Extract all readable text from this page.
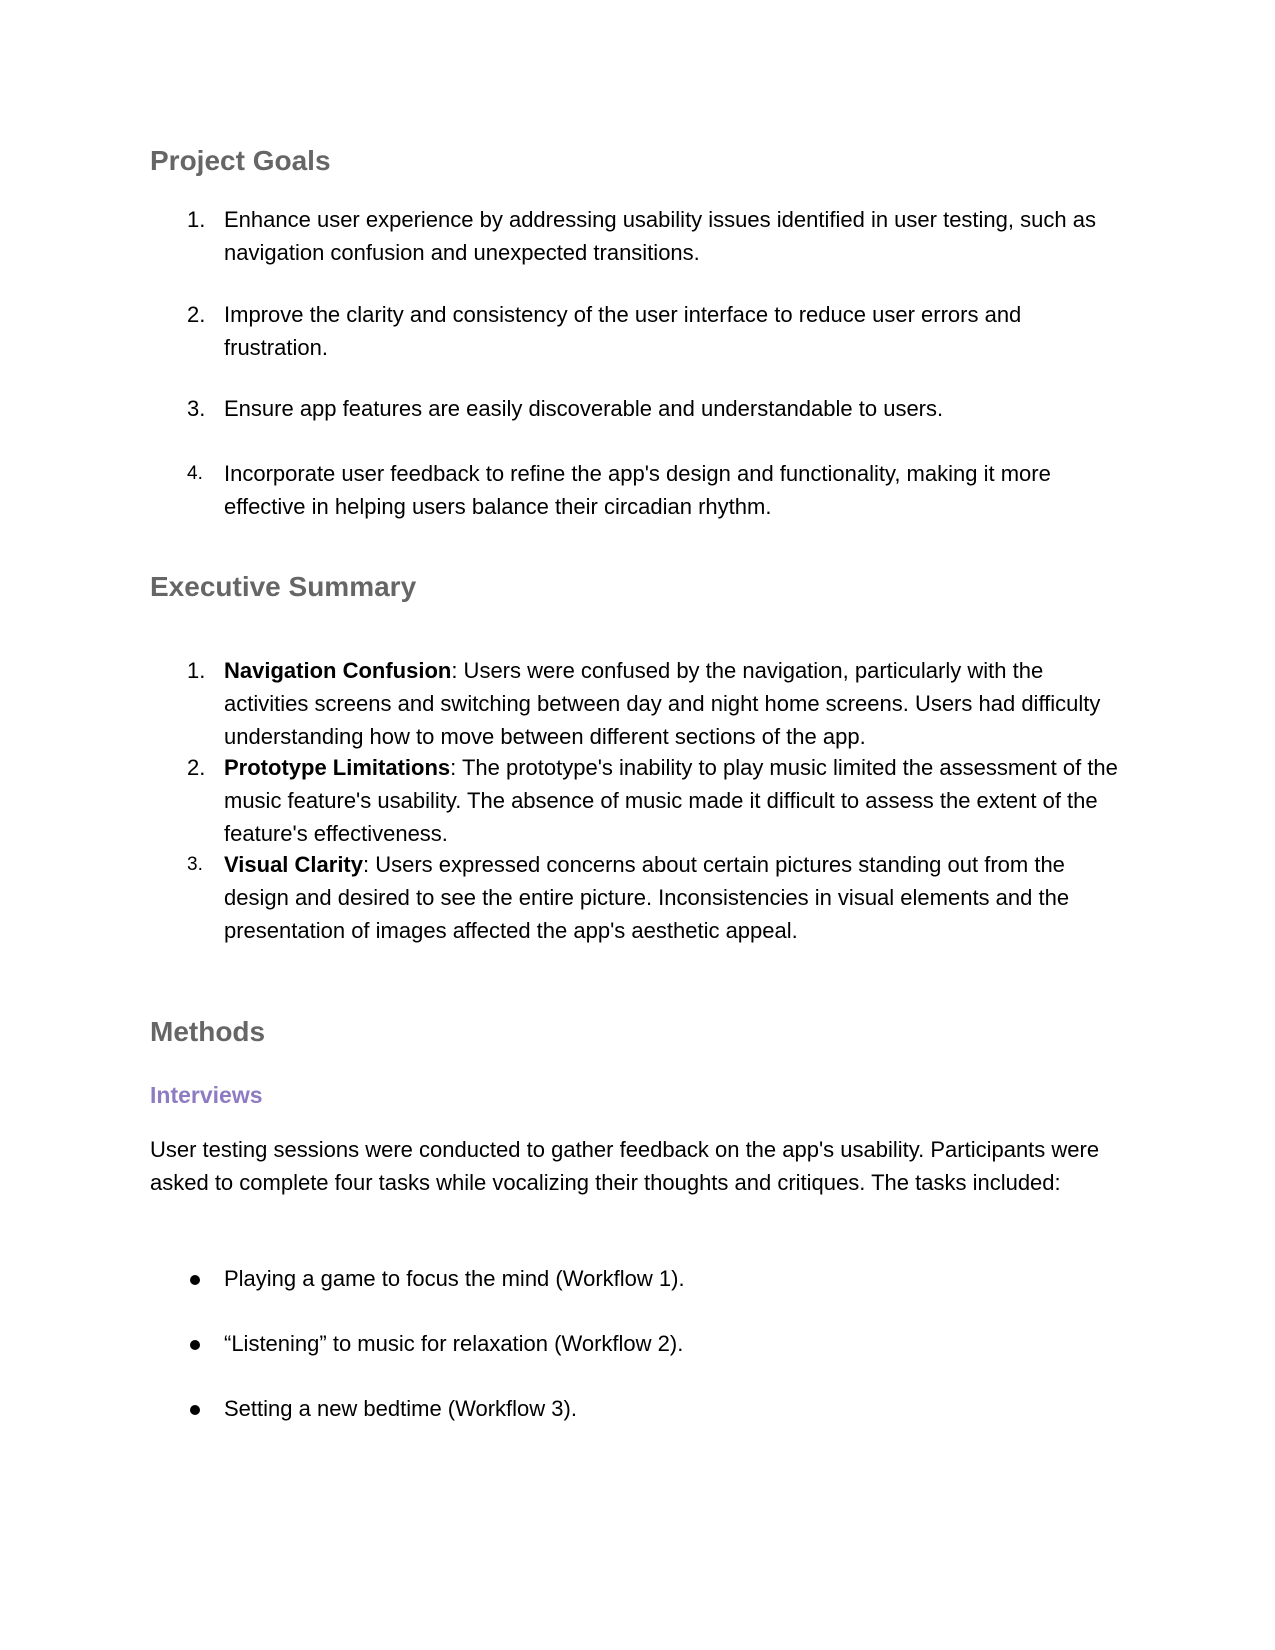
Project Goals
1. Enhance user experience by addressing usability issues identified in user testing, such as navigation confusion and unexpected transitions.
2. Improve the clarity and consistency of the user interface to reduce user errors and frustration.
3. Ensure app features are easily discoverable and understandable to users.
4. Incorporate user feedback to refine the app's design and functionality, making it more effective in helping users balance their circadian rhythm.
Executive Summary
1. Navigation Confusion: Users were confused by the navigation, particularly with the activities screens and switching between day and night home screens. Users had difficulty understanding how to move between different sections of the app.
2. Prototype Limitations: The prototype's inability to play music limited the assessment of the music feature's usability. The absence of music made it difficult to assess the extent of the feature's effectiveness.
3. Visual Clarity: Users expressed concerns about certain pictures standing out from the design and desired to see the entire picture. Inconsistencies in visual elements and the presentation of images affected the app's aesthetic appeal.
Methods
Interviews
User testing sessions were conducted to gather feedback on the app's usability. Participants were asked to complete four tasks while vocalizing their thoughts and critiques. The tasks included:
Playing a game to focus the mind (Workflow 1).
“Listening” to music for relaxation (Workflow 2).
Setting a new bedtime (Workflow 3).
